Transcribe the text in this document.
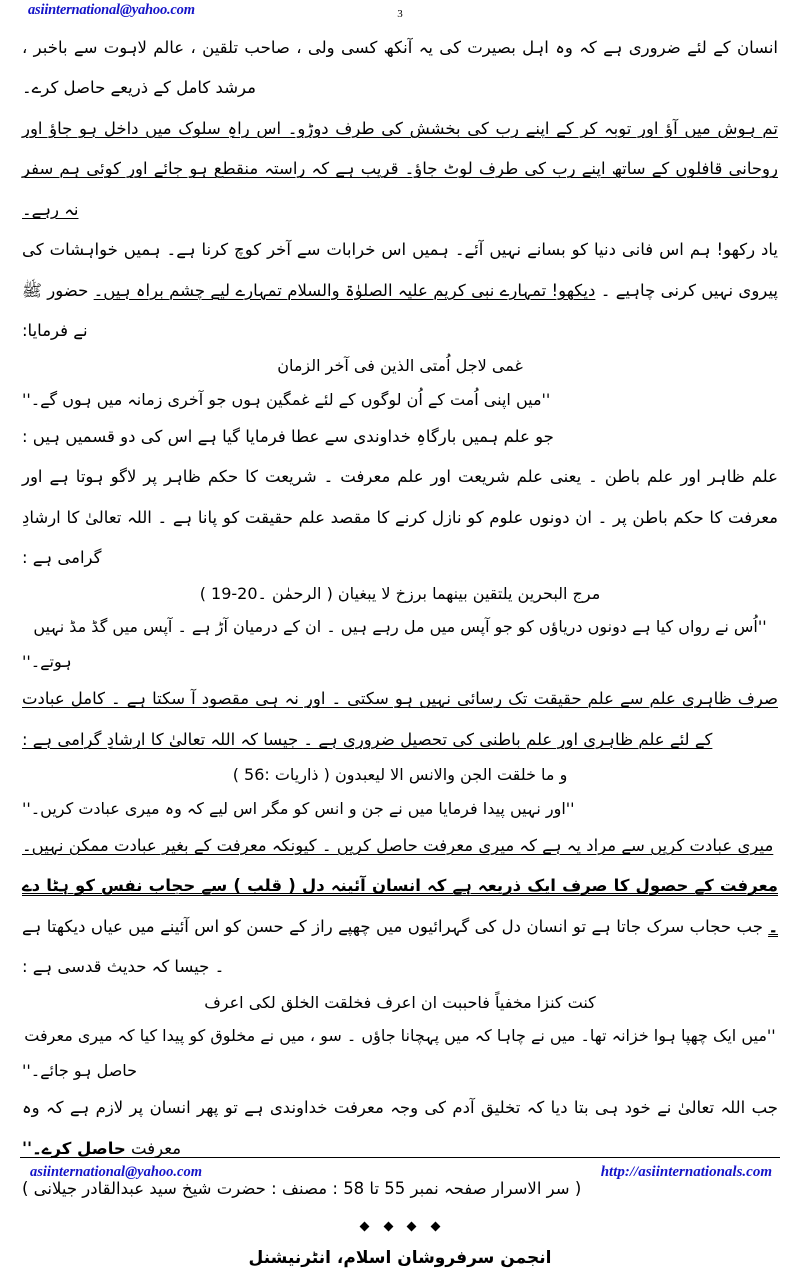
asiinternational@yahoo.com	3

انسان کے لئے ضروری ہے کہ وہ اہل بصیرت کی یہ آنکھ کسی ولی ، صاحب تلقین ، عالم لاہوت سے باخبر ، مرشد کامل کے ذریعے حاصل کرے۔

تم ہوش میں آؤ اور توبہ کر کے اپنے رب کی بخشش کی طرف دوڑو۔ اس راہِ سلوک میں داخل ہو جاؤ اور روحانی قافلوں کے ساتھ اپنے رب کی طرف لوٹ جاؤ۔ قریب ہے کہ راستہ منقطع ہو جائے اور کوئی ہم سفر نہ رہے۔

یاد رکھو! ہم اس فانی دنیا کو بسانے نہیں آئے۔ ہمیں اس خرابات سے آخر کوچ کرنا ہے۔ ہمیں خواہشات کی پیروی نہیں کرنی چاہیے ۔ دیکھو! تمہارے نبی کریم علیہ الصلوٰۃ والسلام تمہارے لیے چشم براہ ہیں۔ حضور ﷺ نے فرمایا:

غمی لاجل اُمتی الذین فی آخر الزمان

''میں اپنی اُمت کے اُن لوگوں کے لئے غمگین ہوں جو آخری زمانہ میں ہوں گے۔''

جو علم ہمیں بارگاہِ خداوندی سے عطا فرمایا گیا ہے اس کی دو قسمیں ہیں :

علم ظاہر اور علم باطن ۔ یعنی علم شریعت اور علم معرفت ۔ شریعت کا حکم ظاہر پر لاگو ہوتا ہے اور معرفت کا حکم باطن پر ۔ ان دونوں علوم کو نازل کرنے کا مقصد علم حقیقت کو پانا ہے ۔ اللہ تعالیٰ کا ارشادِ گرامی ہے :

مرج البحرین یلتقین بینھما برزخ لا یبغیان ( الرحمٰن ۔19-20 )

''اُس نے رواں کیا ہے دونوں دریاؤں کو جو آپس میں مل رہے ہیں ۔ ان کے درمیان آڑ ہے ۔ آپس میں گڈ مڈ نہیں ہوتے۔''

صرف ظاہری علم سے علم حقیقت تک رسائی نہیں ہو سکتی ۔ اور نہ ہی مقصود آ سکتا ہے ۔ کامل عبادت کے لئے علم ظاہری اور علم باطنی کی تحصیل ضروری ہے ۔ جیسا کہ اللہ تعالیٰ کا ارشادِ گرامی ہے :

و ما خلقت الجن والانس الا لیعبدون ( ذاریات :56 )

''اور نہیں پیدا فرمایا میں نے جن و انس کو مگر اس لیے کہ وہ میری عبادت کریں۔''

میری عبادت کریں سے مراد یہ ہے کہ میری معرفت حاصل کریں ۔ کیونکہ معرفت کے بغیر عبادت ممکن نہیں۔

معرفت کے حصول کا صرف ایک ذریعہ ہے کہ انسان آئینہ دل ( قلب ) سے حجاب نفس کو ہٹا دے ۔ جب حجاب سرک جاتا ہے تو انسان دل کی گہرائیوں میں چھپے راز کے حسن کو اس آئینے میں عیاں دیکھتا ہے ۔ جیسا کہ حدیث قدسی ہے :

کنت کنزا مخفیاً فاحببت ان اعرف فخلقت الخلق لکی اعرف

''میں ایک چھپا ہوا خزانہ تھا۔ میں نے چاہا کہ میں پہچانا جاؤں ۔ سو ، میں نے مخلوق کو پیدا کیا کہ میری معرفت حاصل ہو جائے۔''

جب اللہ تعالیٰ نے خود ہی بتا دیا کہ تخلیق آدم کی وجہ معرفت خداوندی ہے تو پھر انسان پر لازم ہے کہ وہ معرفت حاصل کرے۔''

( سر الاسرار صفحہ نمبر 55 تا 58 : مصنف : حضرت شیخ سید عبدالقادر جیلانی )

انجمن سرفروشان اسلام، انٹرنیشنل
asiinternational@yahoo.com	http://asiinternationals.com
